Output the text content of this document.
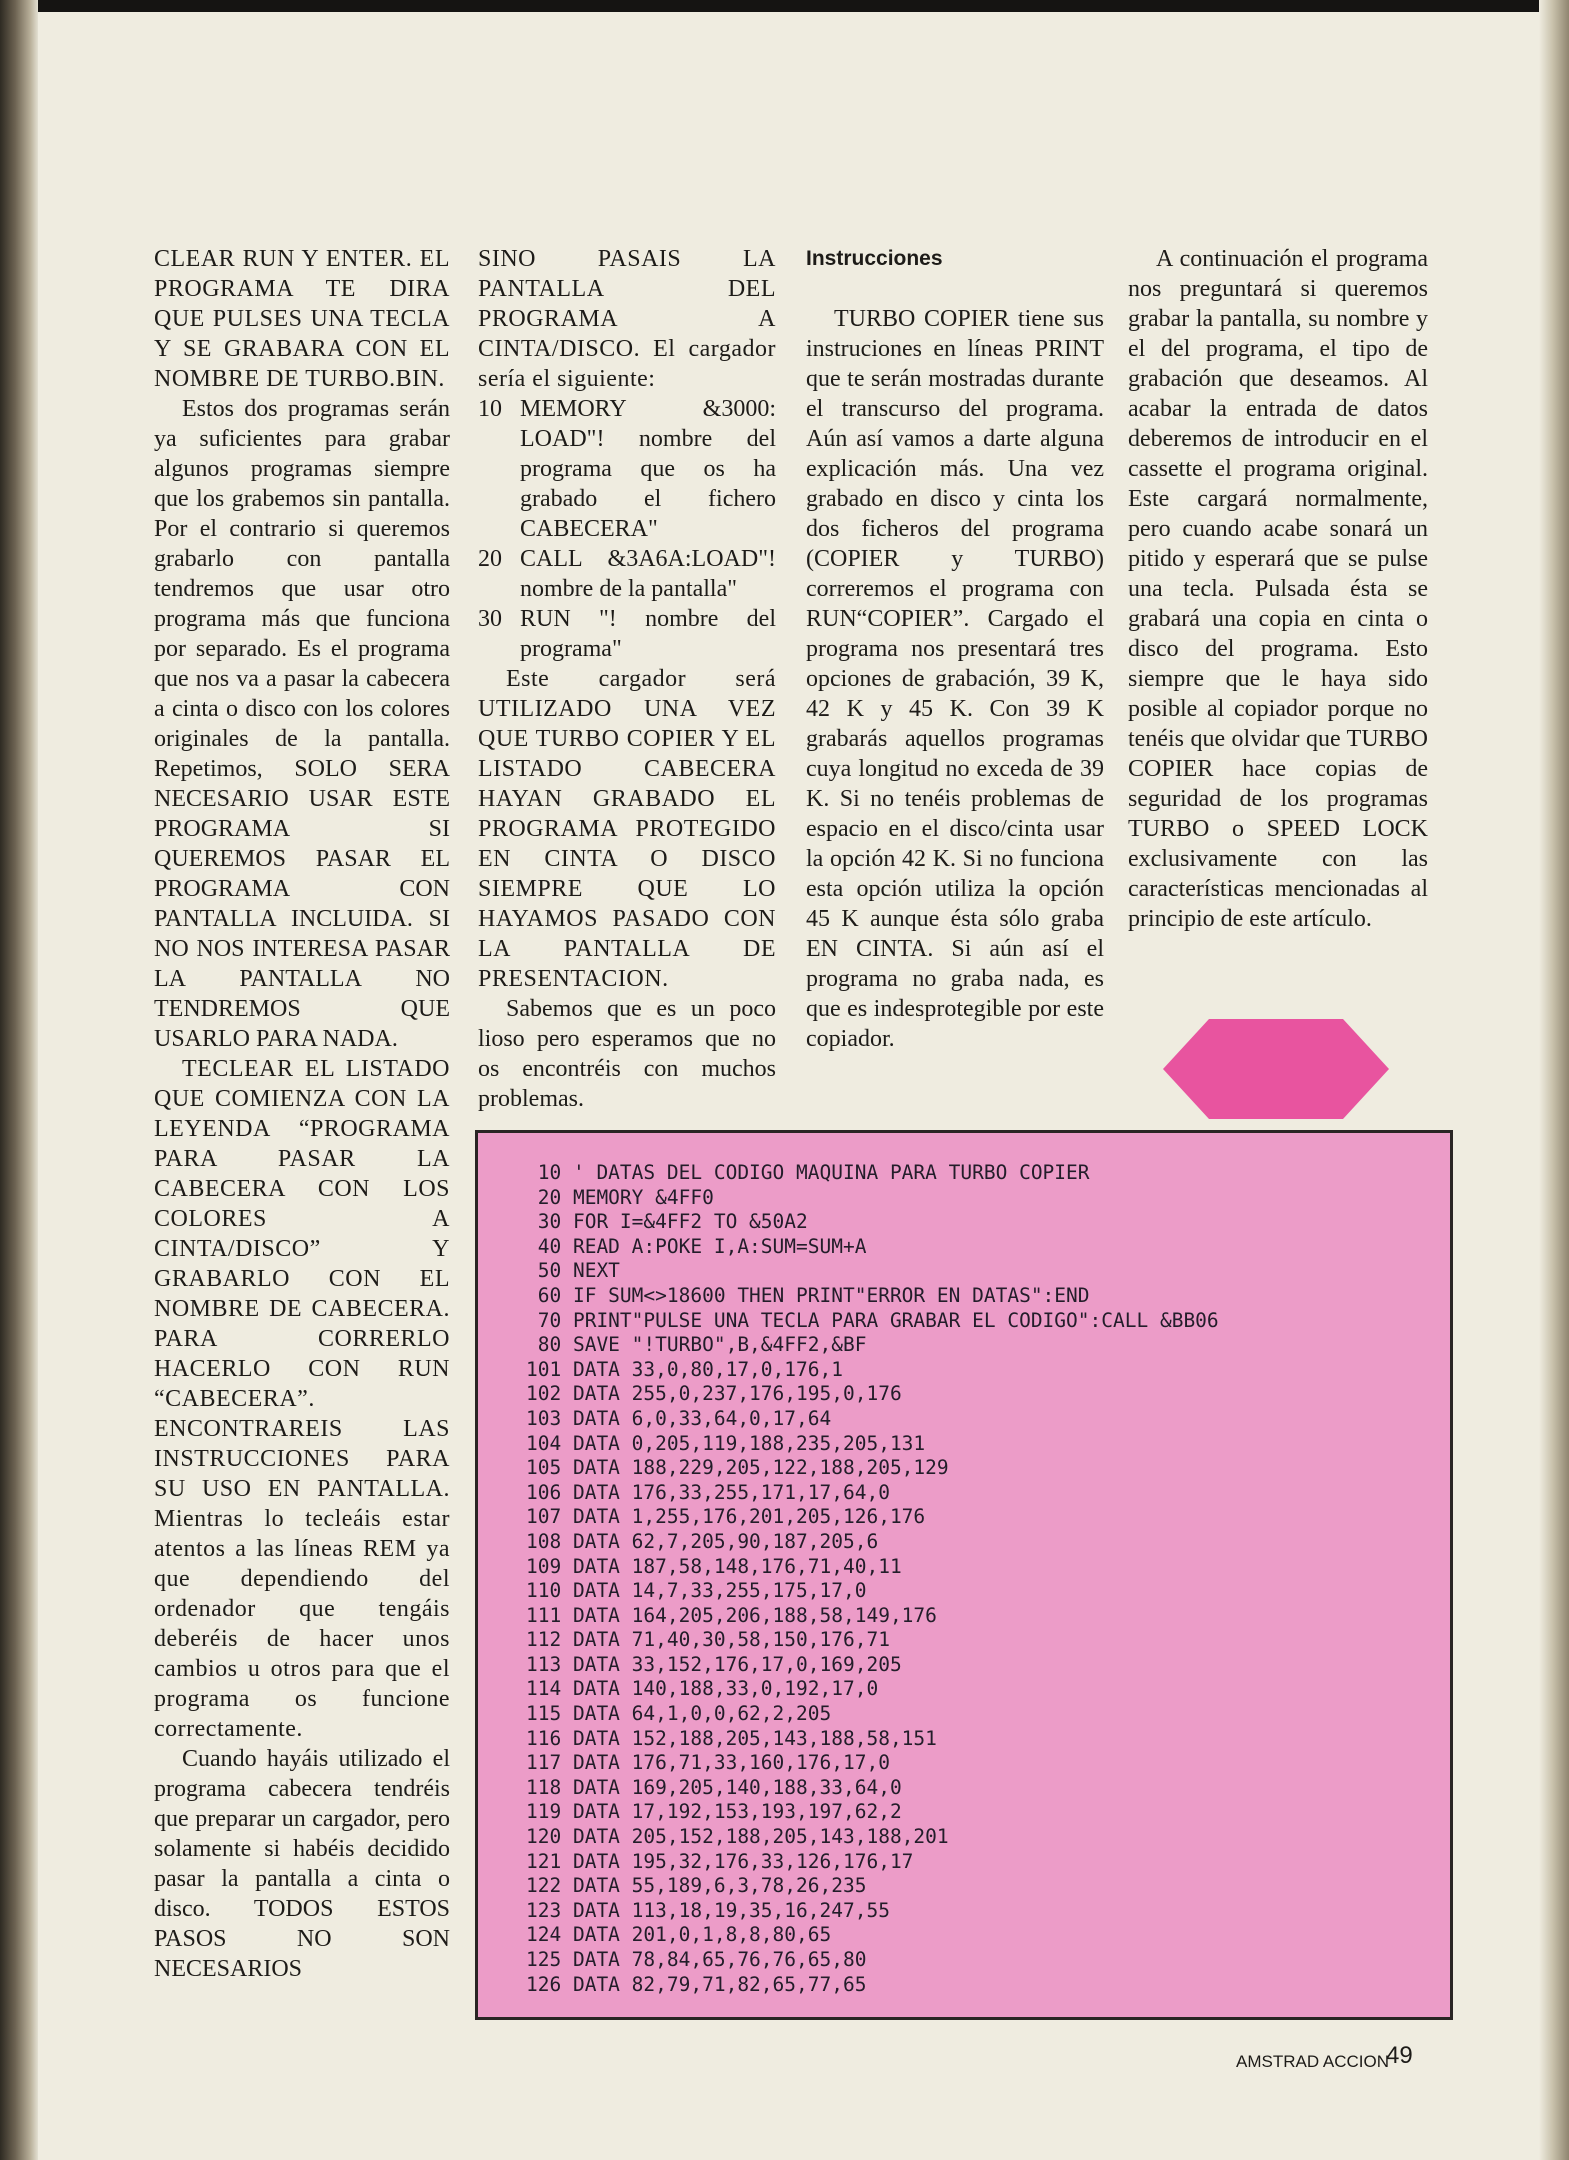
CLEAR RUN Y ENTER. EL PROGRAMA TE DIRA QUE PULSES UNA TECLA Y SE GRABARA CON EL NOMBRE DE TURBO.BIN.

Estos dos programas serán ya suficientes para grabar algunos programas siempre que los grabemos sin pantalla. Por el contrario si queremos grabarlo con pantalla tendremos que usar otro programa más que funciona por separado. Es el programa que nos va a pasar la cabecera a cinta o disco con los colores originales de la pantalla. Repetimos, SOLO SERA NECESARIO USAR ESTE PROGRAMA SI QUEREMOS PASAR EL PROGRAMA CON PANTALLA INCLUIDA. SI NO NOS INTERESA PASAR LA PANTALLA NO TENDREMOS QUE USARLO PARA NADA.

TECLEAR EL LISTADO QUE COMIENZA CON LA LEYENDA “PROGRAMA PARA PASAR LA CABECERA CON LOS COLORES A CINTA/DISCO” Y GRABARLO CON EL NOMBRE DE CABECERA. PARA CORRERLO HACERLO CON RUN “CABECERA”. ENCONTRAREIS LAS INSTRUCCIONES PARA SU USO EN PANTALLA. Mientras lo tecleáis estar atentos a las líneas REM ya que dependiendo del ordenador que tengáis deberéis de hacer unos cambios u otros para que el programa os funcione correctamente.

Cuando hayáis utilizado el programa cabecera tendréis que preparar un cargador, pero solamente si habéis decidido pasar la pantalla a cinta o disco. TODOS ESTOS PASOS NO SON NECESARIOS

SINO PASAIS LA PANTALLA DEL PROGRAMA A CINTA/DISCO. El cargador sería el siguiente:

10 MEMORY &3000: LOAD"! nombre del programa que os ha grabado el fichero CABECERA"
20 CALL &3A6A:LOAD"! nombre de la pantalla"
30 RUN "! nombre del programa"

Este cargador será UTILIZADO UNA VEZ QUE TURBO COPIER Y EL LISTADO CABECERA HAYAN GRABADO EL PROGRAMA PROTEGIDO EN CINTA O DISCO SIEMPRE QUE LO HAYAMOS PASADO CON LA PANTALLA DE PRESENTACION.

Sabemos que es un poco lioso pero esperamos que no os encontréis con muchos problemas.

Instrucciones

TURBO COPIER tiene sus instruciones en líneas PRINT que te serán mostradas durante el transcurso del programa. Aún así vamos a darte alguna explicación más. Una vez grabado en disco y cinta los dos ficheros del programa (COPIER y TURBO) correremos el programa con RUN“COPIER”. Cargado el programa nos presentará tres opciones de grabación, 39 K, 42 K y 45 K. Con 39 K grabarás aquellos programas cuya longitud no exceda de 39 K. Si no tenéis problemas de espacio en el disco/cinta usar la opción 42 K. Si no funciona esta opción utiliza la opción 45 K aunque ésta sólo graba EN CINTA. Si aún así el programa no graba nada, es que es indesprotegible por este copiador.

A continuación el programa nos preguntará si queremos grabar la pantalla, su nombre y el del programa, el tipo de grabación que deseamos. Al acabar la entrada de datos deberemos de introducir en el cassette el programa original. Este cargará normalmente, pero cuando acabe sonará un pitido y esperará que se pulse una tecla. Pulsada ésta se grabará una copia en cinta o disco del programa. Esto siempre que le haya sido posible al copiador porque no tenéis que olvidar que TURBO COPIER hace copias de seguridad de los programas TURBO o SPEED LOCK exclusivamente con las características mencionadas al principio de este artículo.

10 ' DATAS DEL CODIGO MAQUINA PARA TURBO COPIER
20 MEMORY &4FF0
30 FOR I=&4FF2 TO &50A2
40 READ A:POKE I,A:SUM=SUM+A
50 NEXT
60 IF SUM<>18600 THEN PRINT"ERROR EN DATAS":END
70 PRINT"PULSE UNA TECLA PARA GRABAR EL CODIGO":CALL &BB06
80 SAVE "!TURBO",B,&4FF2,&BF
101 DATA 33,0,80,17,0,176,1
102 DATA 255,0,237,176,195,0,176
103 DATA 6,0,33,64,0,17,64
104 DATA 0,205,119,188,235,205,131
105 DATA 188,229,205,122,188,205,129
106 DATA 176,33,255,171,17,64,0
107 DATA 1,255,176,201,205,126,176
108 DATA 62,7,205,90,187,205,6
109 DATA 187,58,148,176,71,40,11
110 DATA 14,7,33,255,175,17,0
111 DATA 164,205,206,188,58,149,176
112 DATA 71,40,30,58,150,176,71
113 DATA 33,152,176,17,0,169,205
114 DATA 140,188,33,0,192,17,0
115 DATA 64,1,0,0,62,2,205
116 DATA 152,188,205,143,188,58,151
117 DATA 176,71,33,160,176,17,0
118 DATA 169,205,140,188,33,64,0
119 DATA 17,192,153,193,197,62,2
120 DATA 205,152,188,205,143,188,201
121 DATA 195,32,176,33,126,176,17
122 DATA 55,189,6,3,78,26,235
123 DATA 113,18,19,35,16,247,55
124 DATA 201,0,1,8,8,80,65
125 DATA 78,84,65,76,76,65,80
126 DATA 82,79,71,82,65,77,65
AMSTRAD ACCION
49
